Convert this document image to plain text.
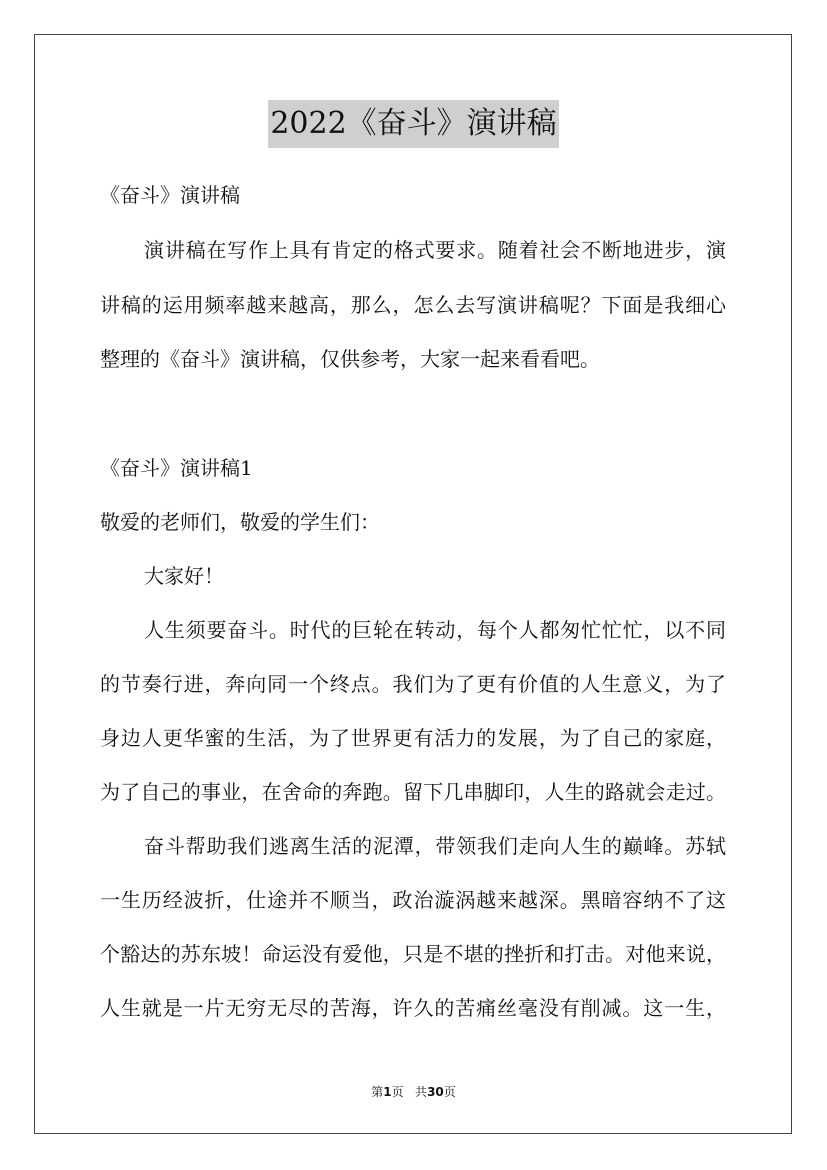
2022《奋斗》演讲稿
《奋斗》演讲稿
演讲稿在写作上具有肯定的格式要求。随着社会不断地进步，演
讲稿的运用频率越来越高，那么，怎么去写演讲稿呢？下面是我细心
整理的《奋斗》演讲稿，仅供参考，大家一起来看看吧。
《奋斗》演讲稿1
敬爱的老师们，敬爱的学生们：
大家好！
人生须要奋斗。时代的巨轮在转动，每个人都匆忙忙忙，以不同
的节奏行进，奔向同一个终点。我们为了更有价值的人生意义，为了
身边人更华蜜的生活，为了世界更有活力的发展，为了自己的家庭，
为了自己的事业，在舍命的奔跑。留下几串脚印，人生的路就会走过。
奋斗帮助我们逃离生活的泥潭，带领我们走向人生的巅峰。苏轼
一生历经波折，仕途并不顺当，政治漩涡越来越深。黑暗容纳不了这
个豁达的苏东坡！命运没有爱他，只是不堪的挫折和打击。对他来说，
人生就是一片无穷无尽的苦海，许久的苦痛丝毫没有削减。这一生，
第1页 共30页
